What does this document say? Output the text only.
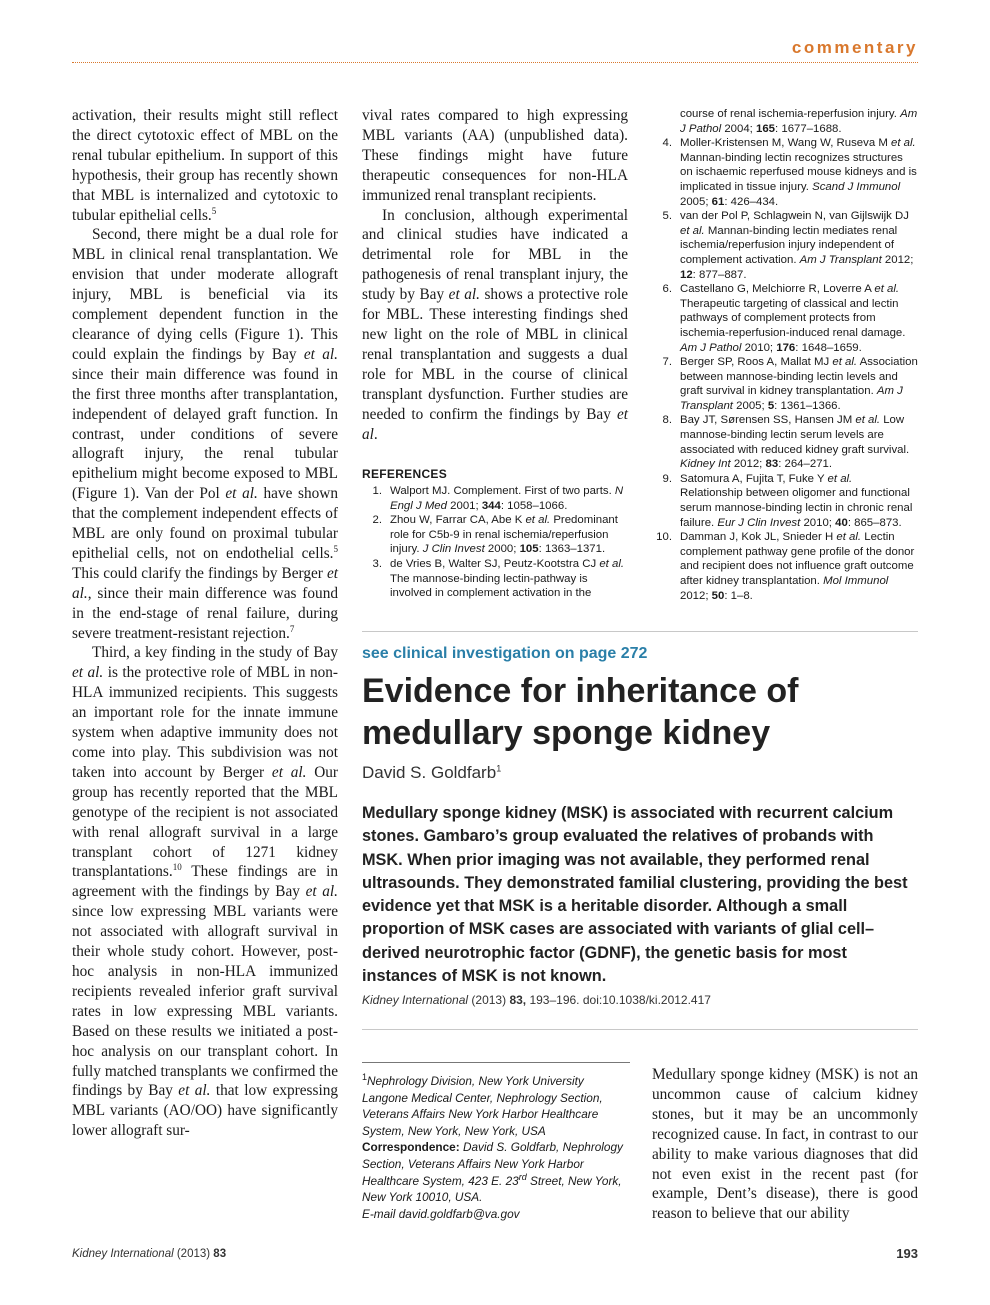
commentary

activation, their results might still reflect the direct cytotoxic effect of MBL on the renal tubular epithelium. In support of this hypothesis, their group has recently shown that MBL is internalized and cytotoxic to tubular epithelial cells.$^5$

Second, there might be a dual role for MBL in clinical renal transplantation. We envision that under moderate allograft injury, MBL is beneficial via its complement dependent function in the clearance of dying cells (Figure 1). This could explain the findings by Bay et al. since their main difference was found in the first three months after transplantation, independent of delayed graft function. In contrast, under conditions of severe allograft injury, the renal tubular epithelium might become exposed to MBL (Figure 1). Van der Pol et al. have shown that the complement independent effects of MBL are only found on proximal tubular epithelial cells, not on endothelial cells.$^5$ This could clarify the findings by Berger et al., since their main difference was found in the end-stage of renal failure, during severe treatment-resistant rejection.$^7$

Third, a key finding in the study of Bay et al. is the protective role of MBL in non-HLA immunized recipients. This suggests an important role for the innate immune system when adaptive immunity does not come into play. This subdivision was not taken into account by Berger et al. Our group has recently reported that the MBL genotype of the recipient is not associated with renal allograft survival in a large transplant cohort of 1271 kidney transplantations.$^{10}$ These findings are in agreement with the findings by Bay et al. since low expressing MBL variants were not associated with allograft survival in their whole study cohort. However, post-hoc analysis in non-HLA immunized recipients revealed inferior graft survival rates in low expressing MBL variants. Based on these results we initiated a post-hoc analysis on our transplant cohort. In fully matched transplants we confirmed the findings by Bay et al. that low expressing MBL variants (AO/OO) have significantly lower allograft sur-

vival rates compared to high expressing MBL variants (AA) (unpublished data). These findings might have future therapeutic consequences for non-HLA immunized renal transplant recipients.

In conclusion, although experimental and clinical studies have indicated a detrimental role for MBL in the pathogenesis of renal transplant injury, the study by Bay et al. shows a protective role for MBL. These interesting findings shed new light on the role of MBL in clinical renal transplantation and suggests a dual role for MBL in the course of clinical transplant dysfunction. Further studies are needed to confirm the findings by Bay et al.

REFERENCES
1. Walport MJ. Complement. First of two parts. N Engl J Med 2001; 344: 1058–1066.
2. Zhou W, Farrar CA, Abe K et al. Predominant role for C5b-9 in renal ischemia/reperfusion injury. J Clin Invest 2000; 105: 1363–1371.
3. de Vries B, Walter SJ, Peutz-Kootstra CJ et al. The mannose-binding lectin-pathway is involved in complement activation in the
course of renal ischemia-reperfusion injury. Am J Pathol 2004; 165: 1677–1688.
4. Moller-Kristensen M, Wang W, Ruseva M et al. Mannan-binding lectin recognizes structures on ischaemic reperfused mouse kidneys and is implicated in tissue injury. Scand J Immunol 2005; 61: 426–434.
5. van der Pol P, Schlagwein N, van Gijlswijk DJ et al. Mannan-binding lectin mediates renal ischemia/reperfusion injury independent of complement activation. Am J Transplant 2012; 12: 877–887.
6. Castellano G, Melchiorre R, Loverre A et al. Therapeutic targeting of classical and lectin pathways of complement protects from ischemia-reperfusion-induced renal damage. Am J Pathol 2010; 176: 1648–1659.
7. Berger SP, Roos A, Mallat MJ et al. Association between mannose-binding lectin levels and graft survival in kidney transplantation. Am J Transplant 2005; 5: 1361–1366.
8. Bay JT, Sørensen SS, Hansen JM et al. Low mannose-binding lectin serum levels are associated with reduced kidney graft survival. Kidney Int 2012; 83: 264–271.
9. Satomura A, Fujita T, Fuke Y et al. Relationship between oligomer and functional serum mannose-binding lectin in chronic renal failure. Eur J Clin Invest 2010; 40: 865–873.
10. Damman J, Kok JL, Snieder H et al. Lectin complement pathway gene profile of the donor and recipient does not influence graft outcome after kidney transplantation. Mol Immunol 2012; 50: 1–8.
see clinical investigation on page 272
Evidence for inheritance of medullary sponge kidney
David S. Goldfarb$^1$
Medullary sponge kidney (MSK) is associated with recurrent calcium stones. Gambaro’s group evaluated the relatives of probands with MSK. When prior imaging was not available, they performed renal ultrasounds. They demonstrated familial clustering, providing the best evidence yet that MSK is a heritable disorder. Although a small proportion of MSK cases are associated with variants of glial cell–derived neurotrophic factor (GDNF), the genetic basis for most instances of MSK is not known.
Kidney International (2013) 83, 193–196. doi:10.1038/ki.2012.417
$^1$Nephrology Division, New York University Langone Medical Center, Nephrology Section, Veterans Affairs New York Harbor Healthcare System, New York, New York, USA
Correspondence: David S. Goldfarb, Nephrology Section, Veterans Affairs New York Harbor Healthcare System, 423 E. 23rd Street, New York, New York 10010, USA.
E-mail david.goldfarb@va.gov

Medullary sponge kidney (MSK) is not an uncommon cause of calcium kidney stones, but it may be an uncommonly recognized cause. In fact, in contrast to our ability to make various diagnoses that did not even exist in the recent past (for example, Dent’s disease), there is good reason to believe that our ability

Kidney International (2013) 83	193
